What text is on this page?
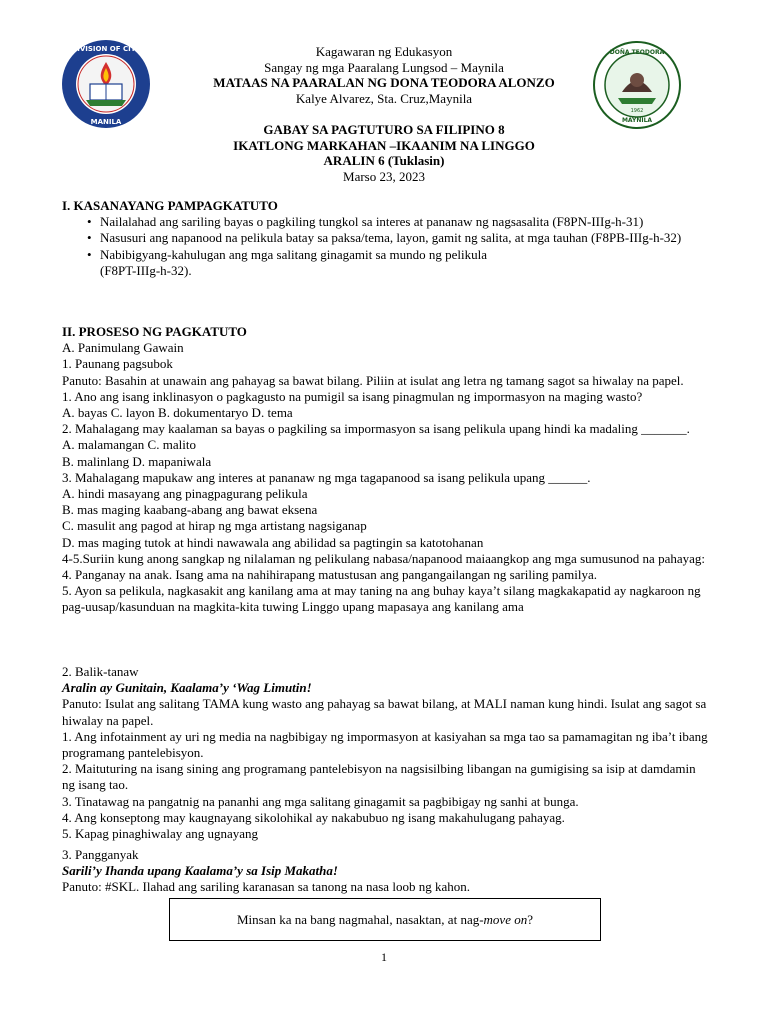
DIVISION OF CITY
MANILA
DOÑA TEODORA
MAYNILA
1962
Kagawaran ng Edukasyon
Sangay ng mga Paaralang Lungsod – Maynila
MATAAS NA PAARALAN NG DONA TEODORA ALONZO
Kalye Alvarez, Sta. Cruz,Maynila
GABAY SA PAGTUTURO SA FILIPINO 8
IKATLONG MARKAHAN –IKAANIM NA LINGGO
ARALIN 6 (Tuklasin)
Marso 23, 2023

I. KASANAYANG PAMPAGKATUTO

• Nailalahad ang sariling bayas o pagkiling tungkol sa interes at pananaw ng nagsasalita (F8PN-IIIg-h-31)
• Nasusuri ang napanood na pelikula batay sa paksa/tema, layon, gamit ng salita, at mga tauhan (F8PB-IIIg-h-32)
• Nabibigyang-kahulugan ang mga salitang ginagamit sa mundo ng pelikula (F8PT-IIIg-h-32).

II. PROSESO NG PAGKATUTO

A. Panimulang Gawain

1. Paunang pagsubok

Panuto: Basahin at unawain ang pahayag sa bawat bilang. Piliin at isulat ang letra ng tamang sagot sa hiwalay na papel.

1. Ano ang isang inklinasyon o pagkagusto na pumigil sa isang pinagmulan ng impormasyon na maging wasto?

A. bayas C. layon B. dokumentaryo D. tema

2. Mahalagang may kaalaman sa bayas o pagkiling sa impormasyon sa isang pelikula upang hindi ka madaling _______.

A. malamangan C. malito

B. malinlang D. mapaniwala

3. Mahalagang mapukaw ang interes at pananaw ng mga tagapanood sa isang pelikula upang ______.

A. hindi masayang ang pinagpagurang pelikula

B. mas maging kaabang-abang ang bawat eksena

C. masulit ang pagod at hirap ng mga artistang nagsiganap

D. mas maging tutok at hindi nawawala ang abilidad sa pagtingin sa katotohanan

4-5.Suriin kung anong sangkap ng nilalaman ng pelikulang nabasa/napanood maiaangkop ang mga sumusunod na pahayag:

4. Panganay na anak. Isang ama na nahihirapang matustusan ang pangangailangan ng sariling pamilya.

5. Ayon sa pelikula, nagkasakit ang kanilang ama at may taning na ang buhay kaya’t silang magkakapatid ay nagkaroon ng pag-uusap/kasunduan na magkita-kita tuwing Linggo upang mapasaya ang kanilang ama

2. Balik-tanaw

Aralin ay Gunitain, Kaalama’y ‘Wag Limutin!

Panuto: Isulat ang salitang TAMA kung wasto ang pahayag sa bawat bilang, at MALI naman kung hindi. Isulat ang sagot sa hiwalay na papel.

1. Ang infotainment ay uri ng media na nagbibigay ng impormasyon at kasiyahan sa mga tao sa pamamagitan ng iba’t ibang programang pantelebisyon.

2. Maituturing na isang sining ang programang pantelebisyon na nagsisilbing libangan na gumigising sa isip at damdamin ng isang tao.

3. Tinatawag na pangatnig na pananhi ang mga salitang ginagamit sa pagbibigay ng sanhi at bunga.

4. Ang konseptong may kaugnayang sikolohikal ay nakabubuo ng isang makahulugang pahayag.

5. Kapag pinaghiwalay ang ugnayang

3. Pangganyak

Sarili’y Ihanda upang Kaalama’y sa Isip Makatha!

Panuto: #SKL. Ilahad ang sariling karanasan sa tanong na nasa loob ng kahon.

Minsan ka na bang nagmahal, nasaktan, at nag-move on?
1
